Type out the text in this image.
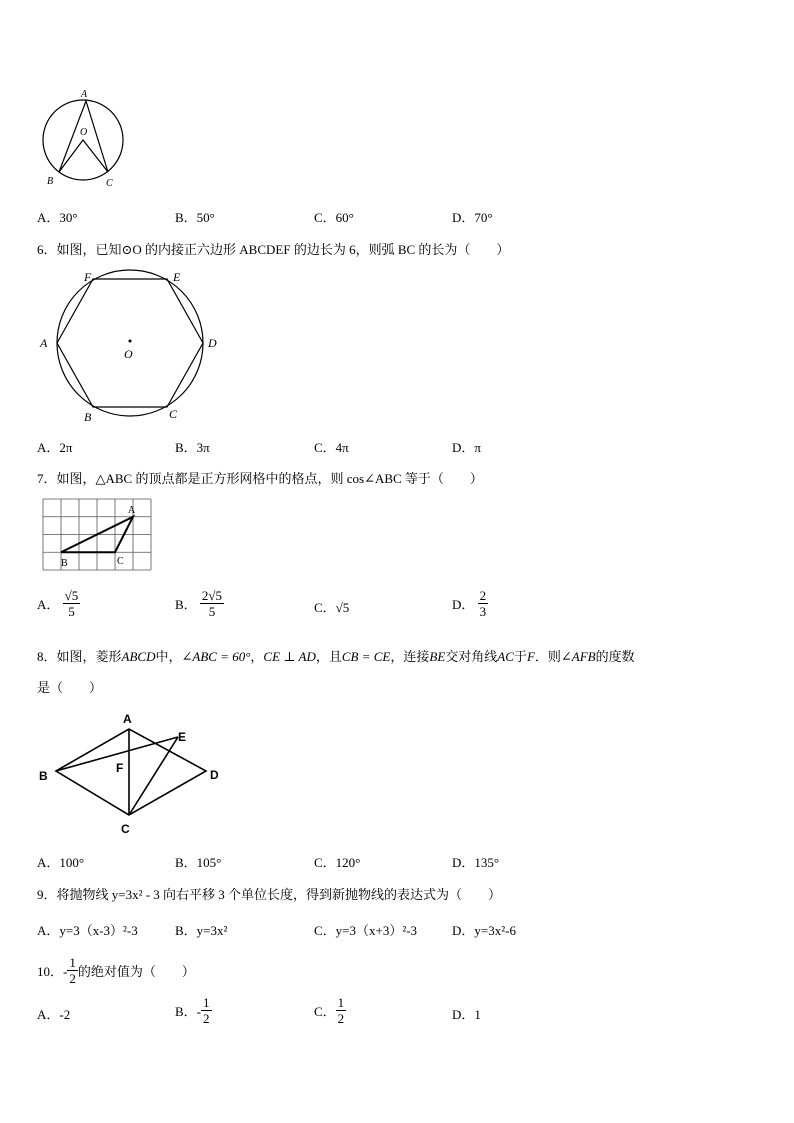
A
O
B	C
A．30°	B．50°	C．60°	D．70°
6．如图，已知⊙O 的内接正六边形 ABCDEF 的边长为 6，则弧 BC 的长为（　　）
F	E
A	D
O
B	C
A．2π	B．3π	C．4π	D．π
7．如图，△ABC 的顶点都是正方形网格中的格点，则 cos∠ABC 等于（　　）
A
B	C
A． $\frac{√5}{5}$	B． $\frac{2√5}{5}$	C．√5	D． $\frac{2}{3}$
8．如图，菱形ABCD中，∠ABC = 60°，CE ⊥ AD，且CB = CE，连接BE交对角线AC于F．则∠AFB的度数
是（　　）
A
E
B
F	D
C
A．100°	B．105°	C．120°	D．135°
9．将抛物线 y=3x² - 3 向右平移 3 个单位长度，得到新抛物线的表达式为（　　）
A．y=3（x-3）²-3	B．y=3x²	C．y=3（x+3）²-3	D．y=3x²-6
10．- $\frac{1}{2}$ 的绝对值为（　　）
A．-2	B．- $\frac{1}{2}$	C． $\frac{1}{2}$	D．1
